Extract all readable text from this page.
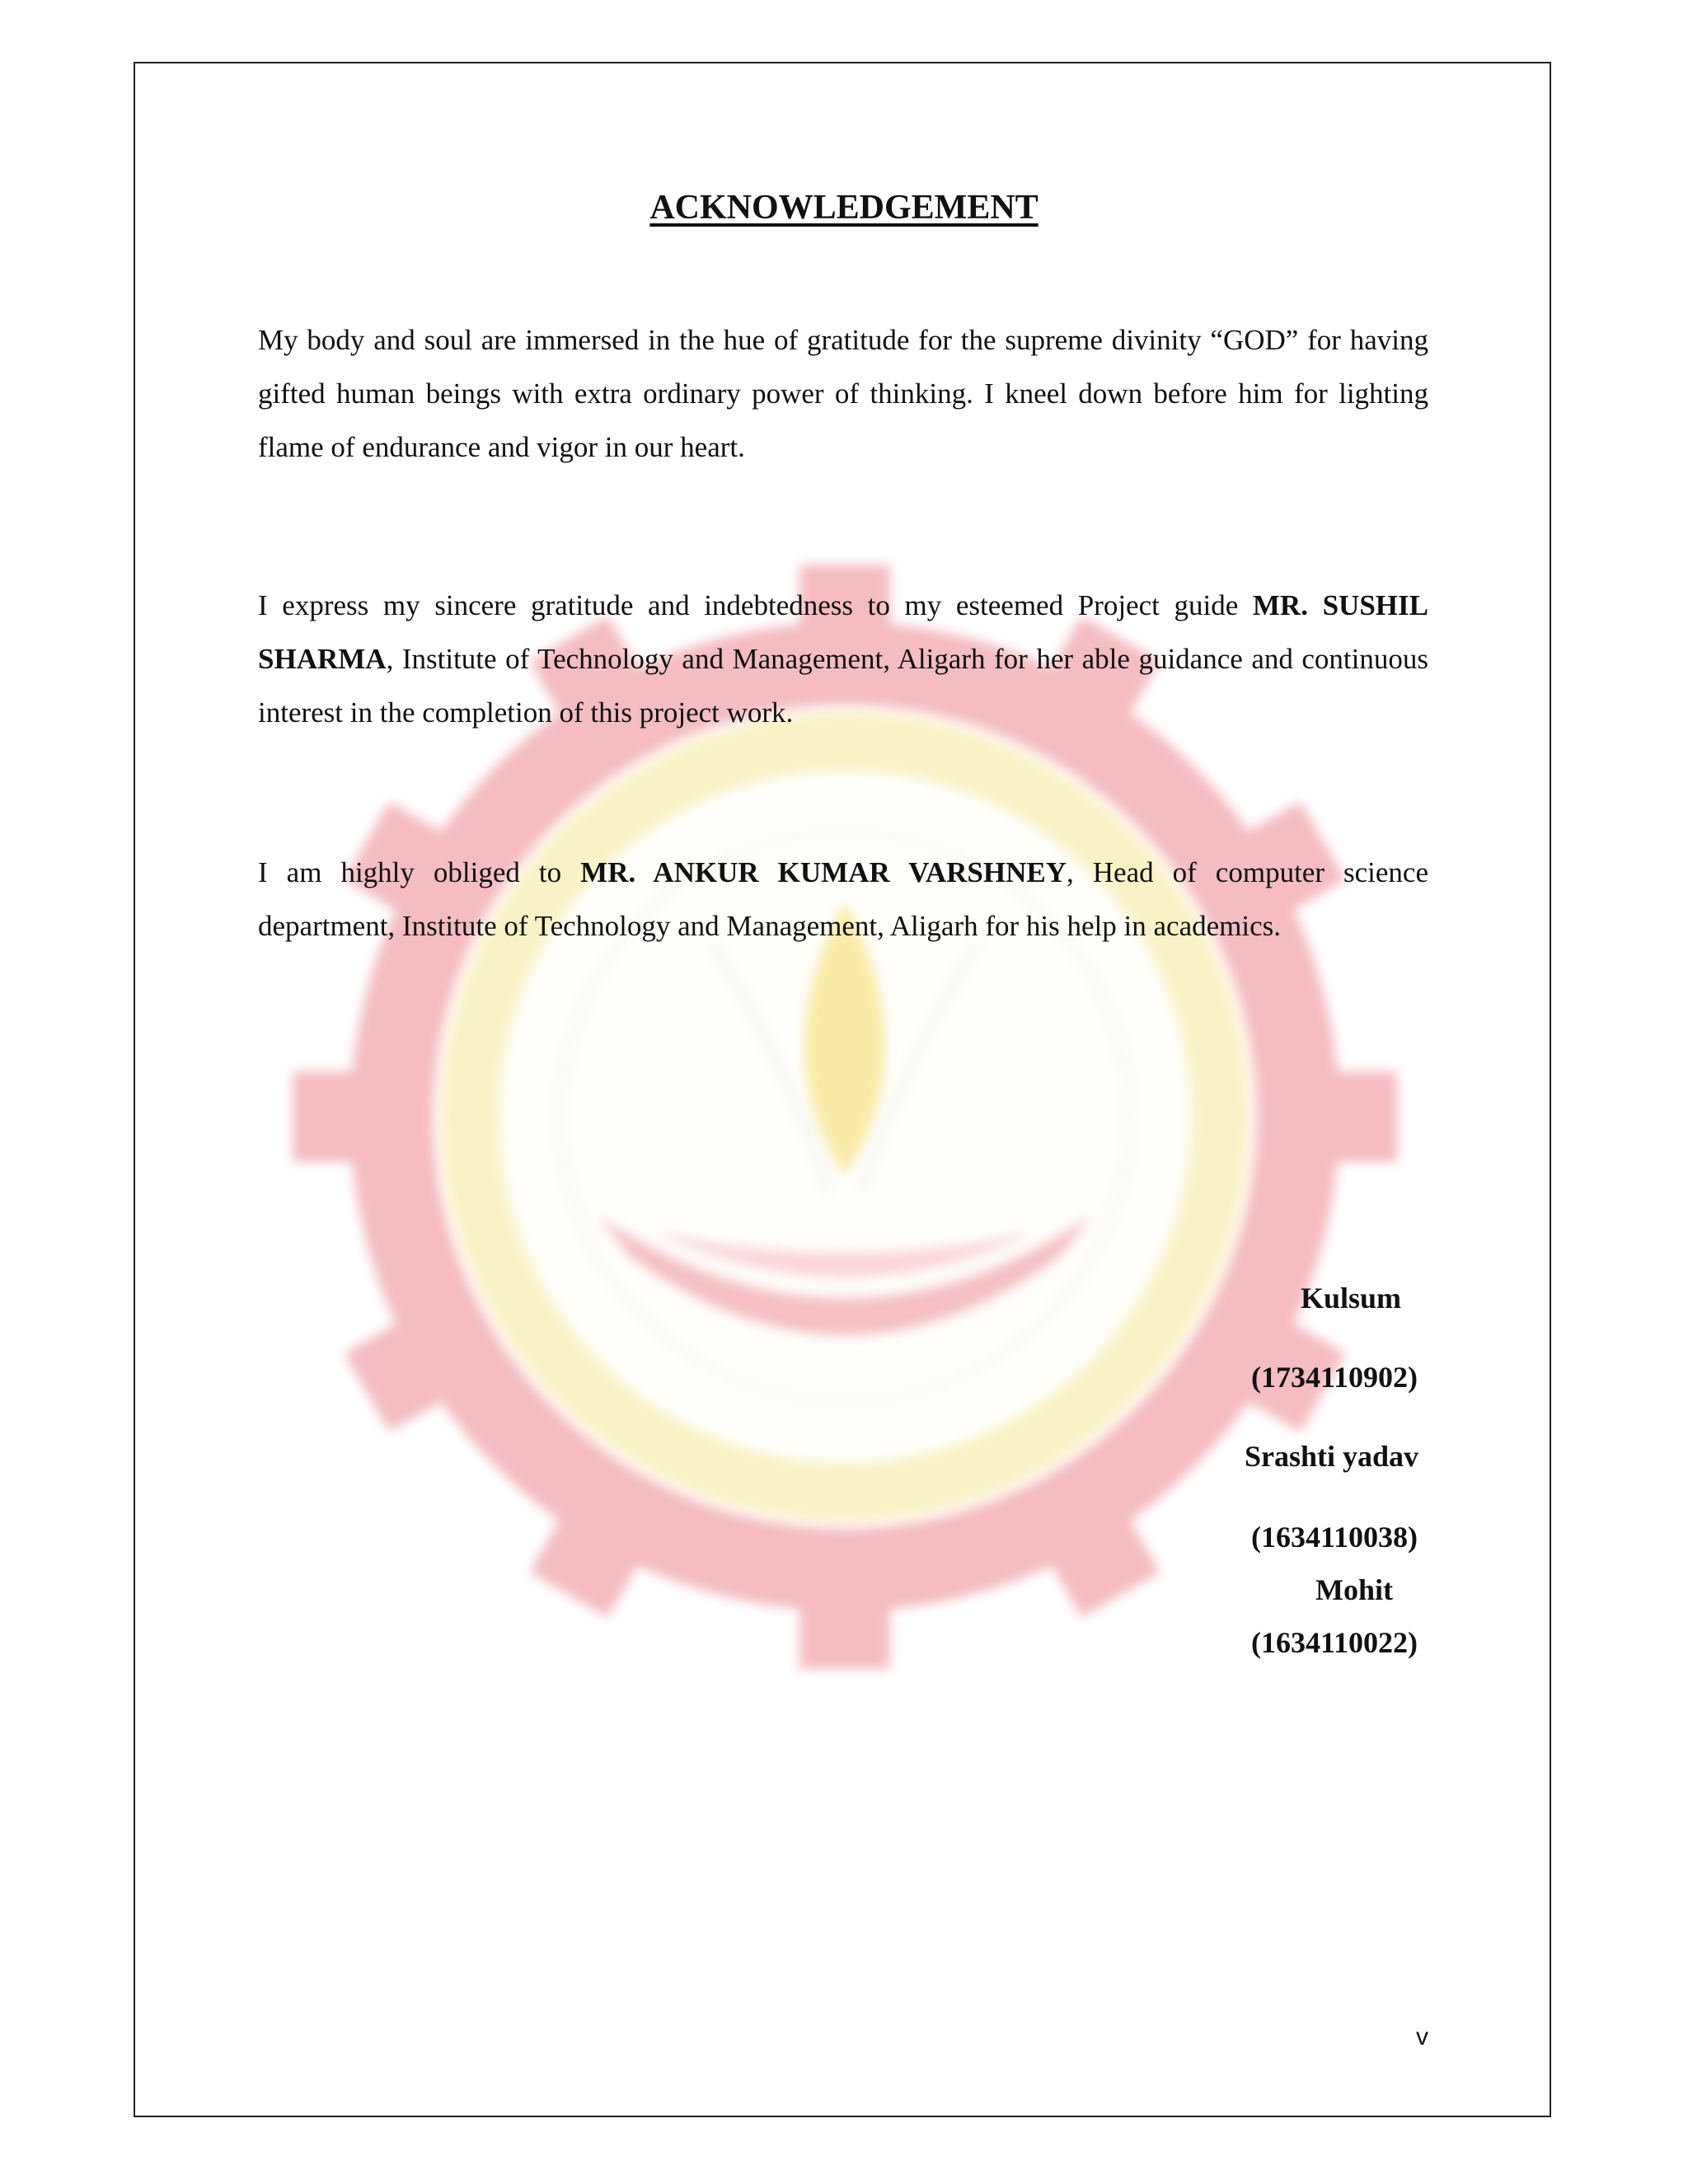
ACKNOWLEDGEMENT
My body and soul are immersed in the hue of gratitude for the supreme divinity “GOD” for having gifted human beings with extra ordinary power of thinking. I kneel down before him for lighting flame of endurance and vigor in our heart.
I express my sincere gratitude and indebtedness to my esteemed Project guide MR. SUSHIL SHARMA, Institute of Technology and Management, Aligarh for her able guidance and continuous interest in the completion of this project work.
I am highly obliged to MR. ANKUR KUMAR VARSHNEY, Head of computer science department, Institute of Technology and Management, Aligarh for his help in academics.
Kulsum
(1734110902)
Srashti yadav
(1634110038)
Mohit
(1634110022)
v
